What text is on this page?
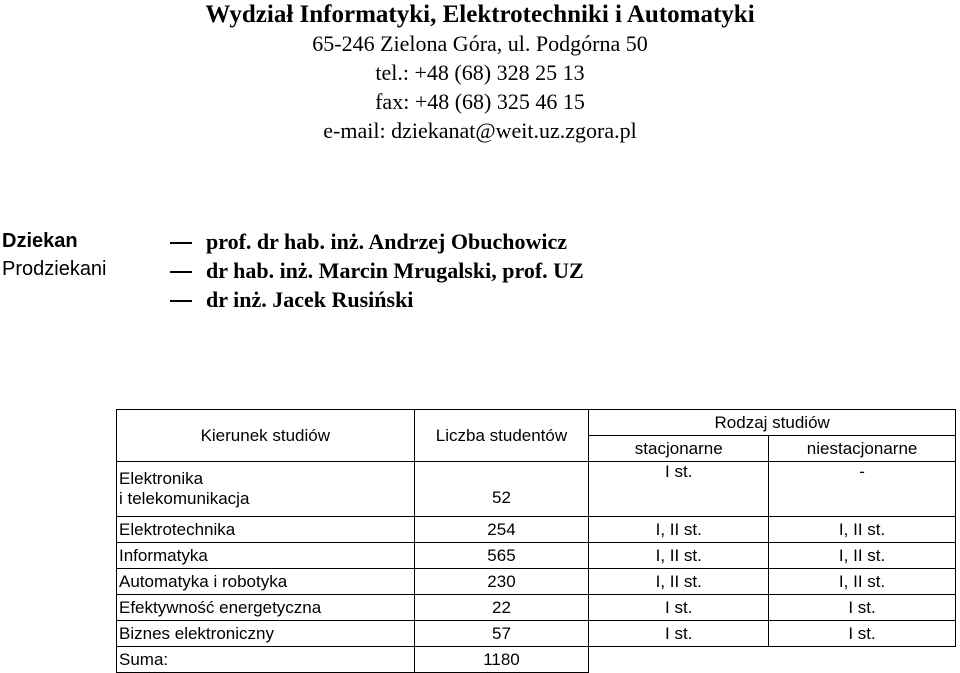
Wydział Informatyki, Elektrotechniki i Automatyki
65-246 Zielona Góra, ul. Podgórna 50
tel.: +48 (68) 328 25 13
fax: +48 (68) 325 46 15
e-mail: dziekanat@weit.uz.zgora.pl
Dziekan	prof. dr hab. inż. Andrzej Obuchowicz
Prodziekani	dr hab. inż. Marcin Mrugalski, prof. UZ
dr inż. Jacek Rusiński
Kierunek studiów	Liczba studentów	Rodzaj studiów	
		stacjonarne	niestacjonarne

Elektronika
i telekomunikacja	52	I st.	-
Elektrotechnika	254	I, II st.	I, II st.
Informatyka	565	I, II st.	I, II st.
Automatyka i robotyka	230	I, II st.	I, II st.
Efektywność energetyczna	22	I st.	I st.
Biznes elektroniczny	57	I st.	I st.
Suma:	1180		
